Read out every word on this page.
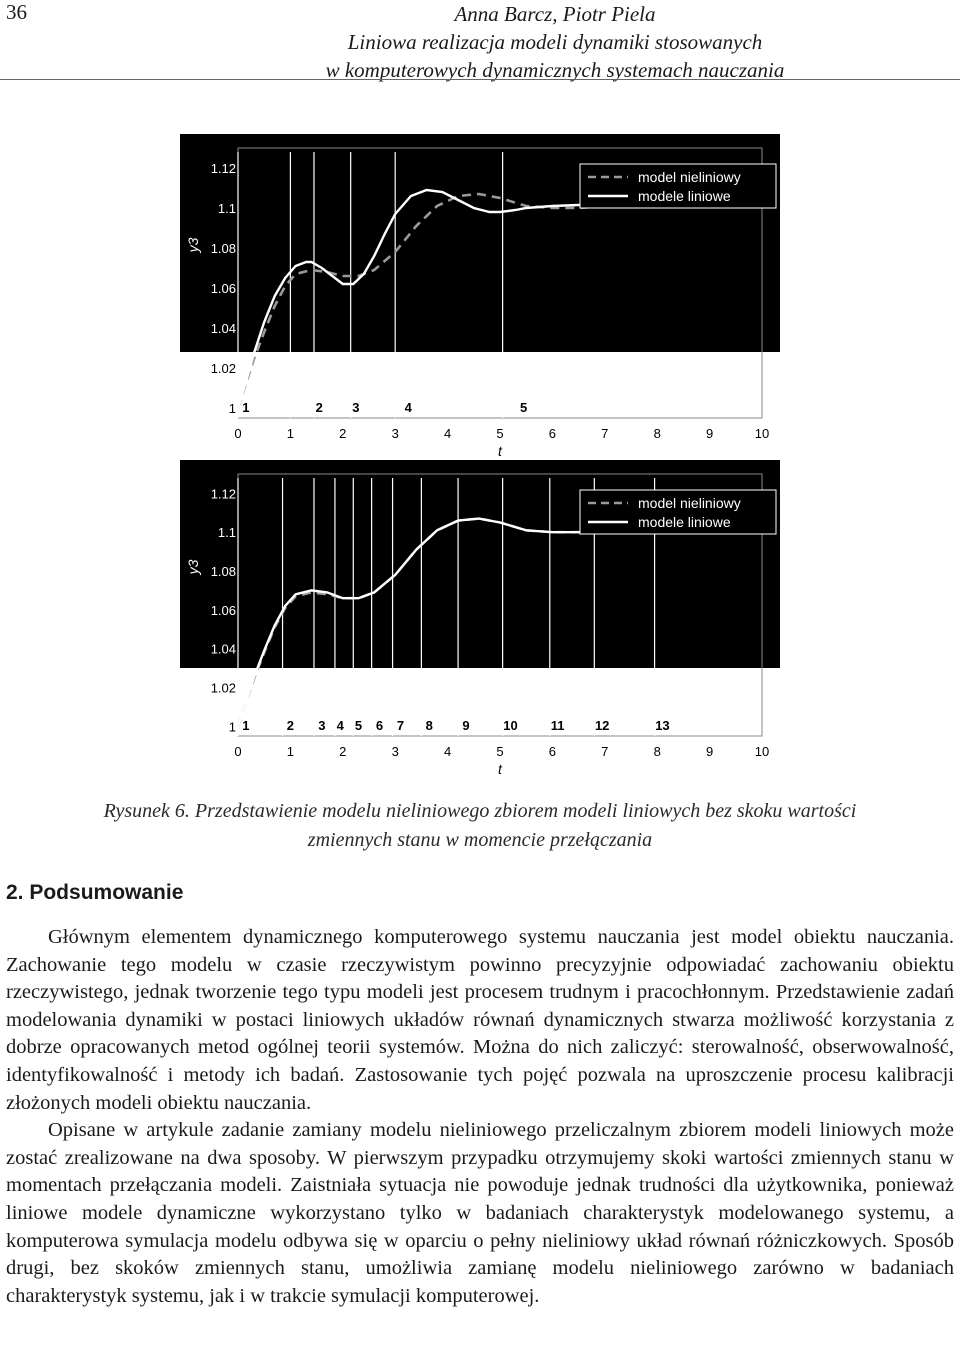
36	Anna Barcz, Piotr Piela
Liniowa realizacja modeli dynamiki stosowanych
w komputerowych dynamicznych systemach nauczania
1	2 3	4	5
1
1.02
1.04
1.06
1.08
1.1
1.12
0	1	2	3	4	5	6	7	8	9	10
t
y3
model nieliniowy
modele liniowe
1	2 3 4 5 6 7 8 9	10	11 12	13
1
1.02
1.04
1.06
1.08
1.1
1.12
0	1	2	3	4	5	6	7	8	9	10
t
y3
model nieliniowy
modele liniowe
Rysunek 6. Przedstawienie modelu nieliniowego zbiorem modeli liniowych bez skoku wartości
zmiennych stanu w momencie przełączania
2. Podsumowanie

Głównym elementem dynamicznego komputerowego systemu nauczania jest model obiektu nauczania. Zachowanie tego modelu w czasie rzeczywistym powinno precyzyjnie odpowiadać zachowaniu obiektu rzeczywistego, jednak tworzenie tego typu modeli jest procesem trudnym i pracochłonnym. Przedstawienie zadań modelowania dynamiki w postaci liniowych układów równań dynamicznych stwarza możliwość korzystania z dobrze opracowanych metod ogólnej teorii systemów. Można do nich zaliczyć: sterowalność, obserwowalność, identyfikowalność i metody ich badań. Zastosowanie tych pojęć pozwala na uproszczenie procesu kalibracji złożonych modeli obiektu nauczania.

Opisane w artykule zadanie zamiany modelu nieliniowego przeliczalnym zbiorem modeli liniowych może zostać zrealizowane na dwa sposoby. W pierwszym przypadku otrzymujemy skoki wartości zmiennych stanu w momentach przełączania modeli. Zaistniała sytuacja nie powoduje jednak trudności dla użytkownika, ponieważ liniowe modele dynamiczne wykorzystano tylko w badaniach charakterystyk modelowanego systemu, a komputerowa symulacja modelu odbywa się w oparciu o pełny nieliniowy układ równań różniczkowych. Sposób drugi, bez skoków zmiennych stanu, umożliwia zamianę modelu nieliniowego zarówno w badaniach charakterystyk systemu, jak i w trakcie symulacji komputerowej.
